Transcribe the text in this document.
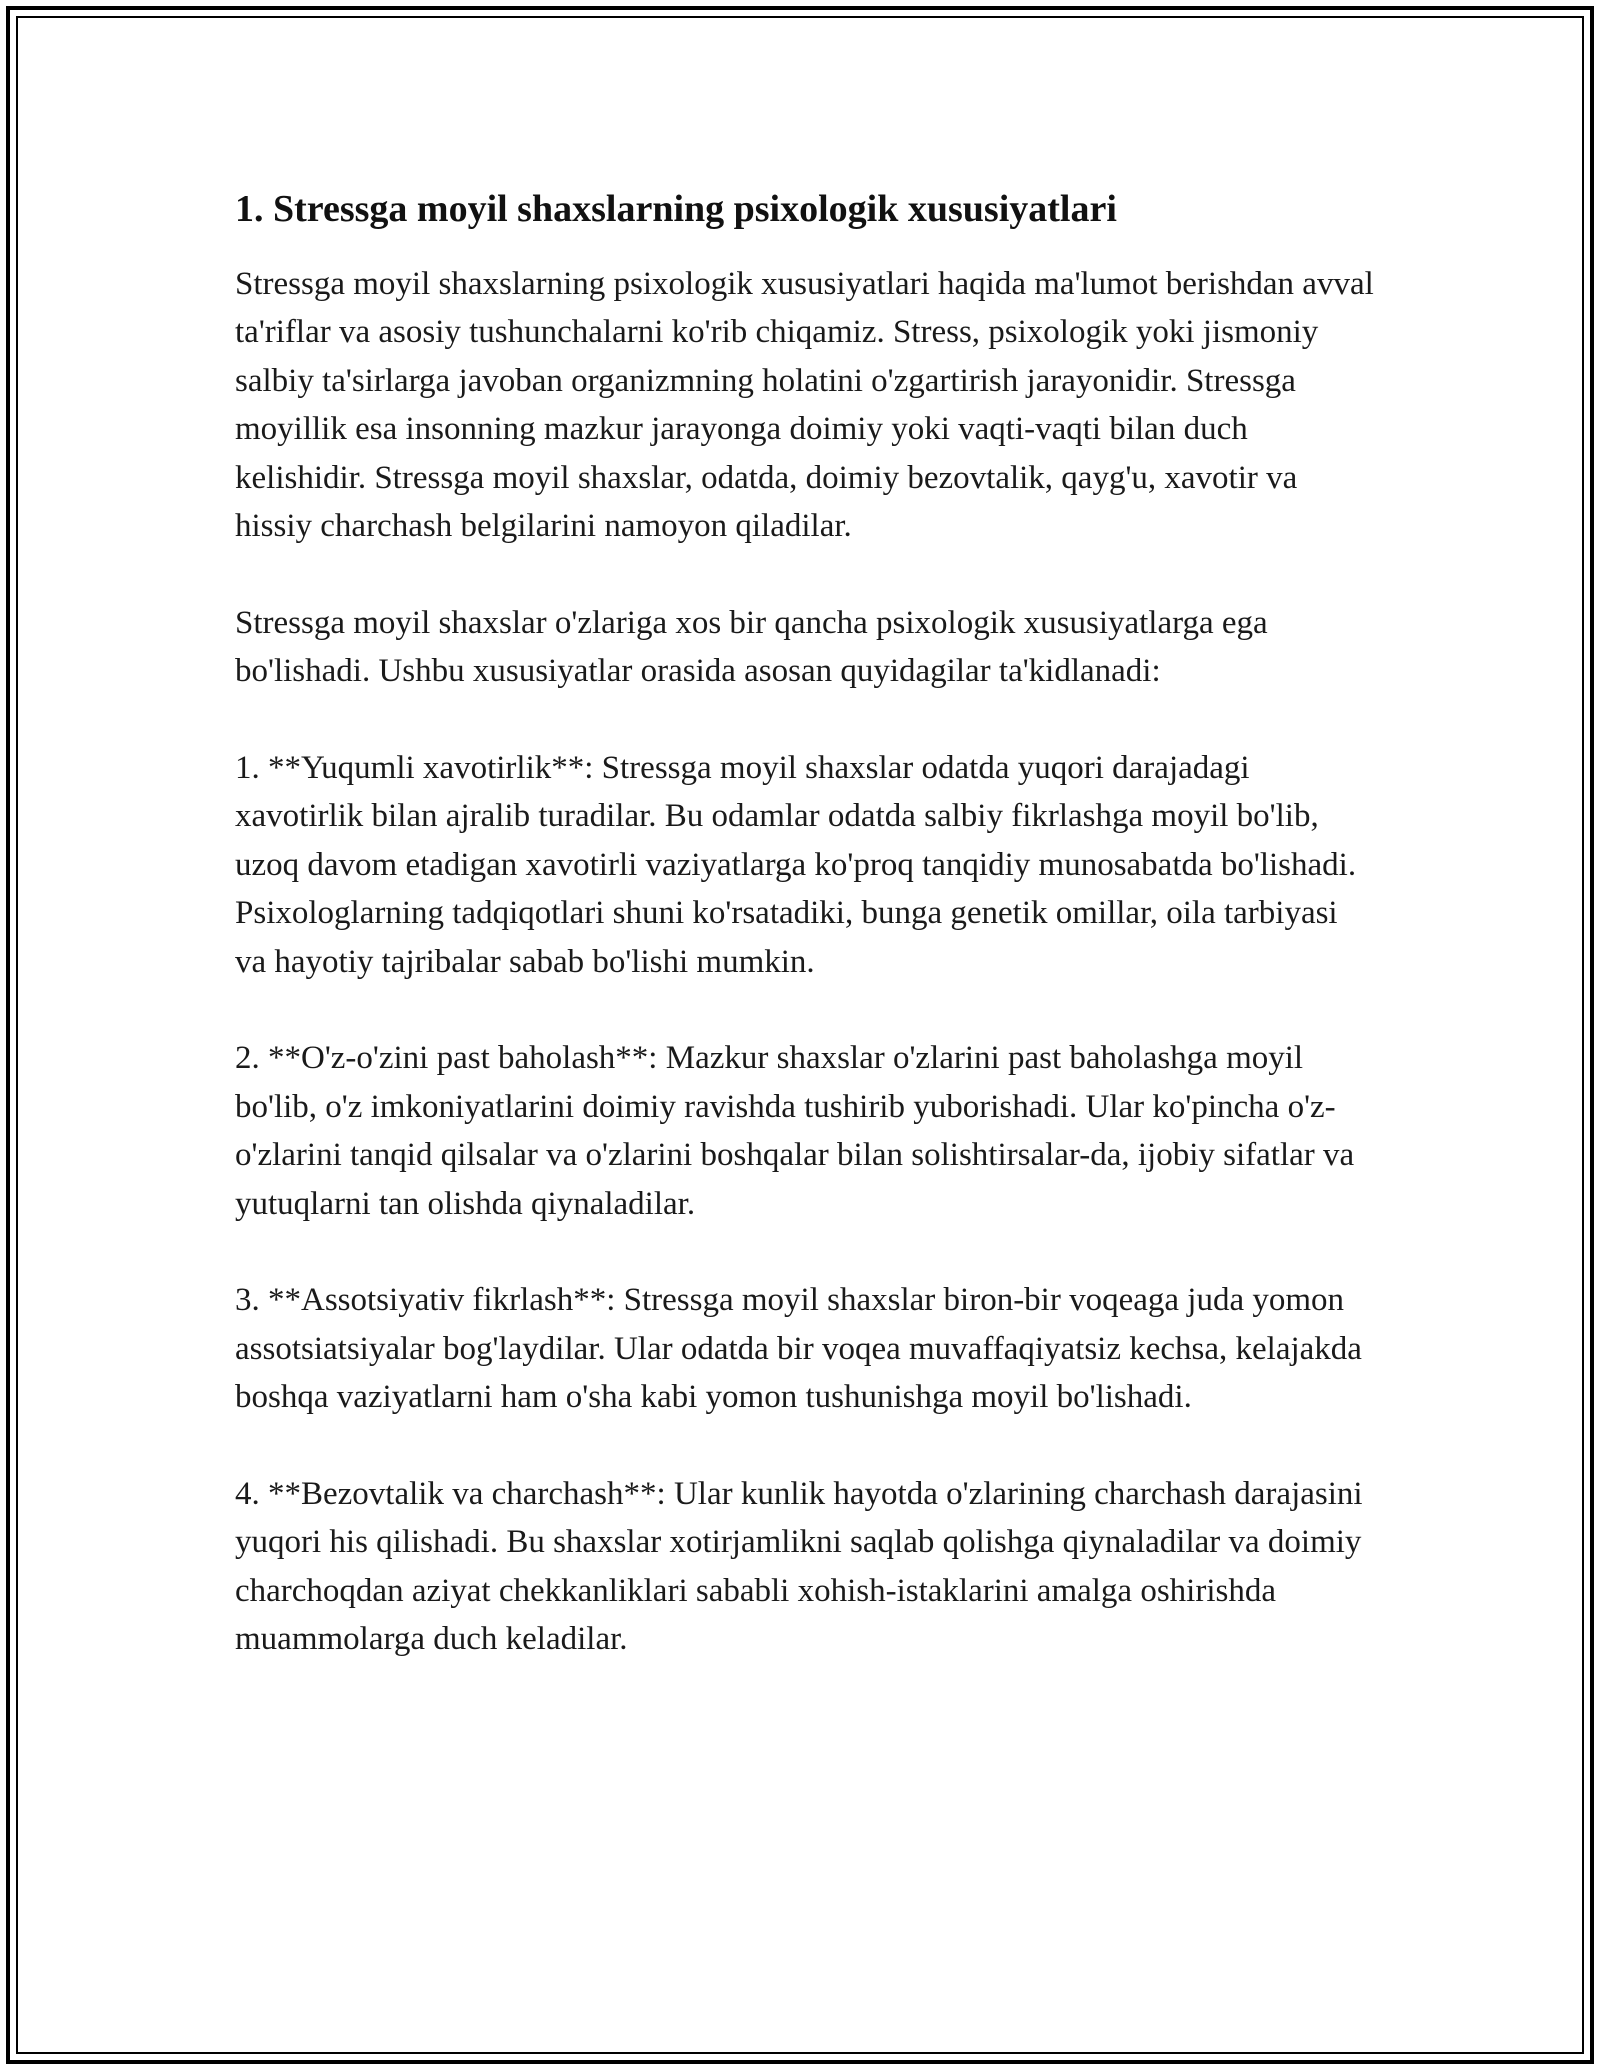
1. Stressga moyil shaxslarning psixologik xususiyatlari

Stressga moyil shaxslarning psixologik xususiyatlari haqida ma'lumot berishdan avval ta'riflar va asosiy tushunchalarni ko'rib chiqamiz. Stress, psixologik yoki jismoniy salbiy ta'sirlarga javoban organizmning holatini o'zgartirish jarayonidir. Stressga moyillik esa insonning mazkur jarayonga doimiy yoki vaqti-vaqti bilan duch kelishidir. Stressga moyil shaxslar, odatda, doimiy bezovtalik, qayg'u, xavotir va hissiy charchash belgilarini namoyon qiladilar.

Stressga moyil shaxslar o'zlariga xos bir qancha psixologik xususiyatlarga ega bo'lishadi. Ushbu xususiyatlar orasida asosan quyidagilar ta'kidlanadi:

1. **Yuqumli xavotirlik**: Stressga moyil shaxslar odatda yuqori darajadagi xavotirlik bilan ajralib turadilar. Bu odamlar odatda salbiy fikrlashga moyil bo'lib, uzoq davom etadigan xavotirli vaziyatlarga ko'proq tanqidiy munosabatda bo'lishadi. Psixologlarning tadqiqotlari shuni ko'rsatadiki, bunga genetik omillar, oila tarbiyasi va hayotiy tajribalar sabab bo'lishi mumkin.

2. **O'z-o'zini past baholash**: Mazkur shaxslar o'zlarini past baholashga moyil bo'lib, o'z imkoniyatlarini doimiy ravishda tushirib yuborishadi. Ular ko'pincha o'z-o'zlarini tanqid qilsalar va o'zlarini boshqalar bilan solishtirsalar-da, ijobiy sifatlar va yutuqlarni tan olishda qiynaladilar.

3. **Assotsiyativ fikrlash**: Stressga moyil shaxslar biron-bir voqeaga juda yomon assotsiatsiyalar bog'laydilar. Ular odatda bir voqea muvaffaqiyatsiz kechsa, kelajakda boshqa vaziyatlarni ham o'sha kabi yomon tushunishga moyil bo'lishadi.

4. **Bezovtalik va charchash**: Ular kunlik hayotda o'zlarining charchash darajasini yuqori his qilishadi. Bu shaxslar xotirjamlikni saqlab qolishga qiynaladilar va doimiy charchoqdan aziyat chekkanliklari sababli xohish-istaklarini amalga oshirishda muammolarga duch keladilar.
